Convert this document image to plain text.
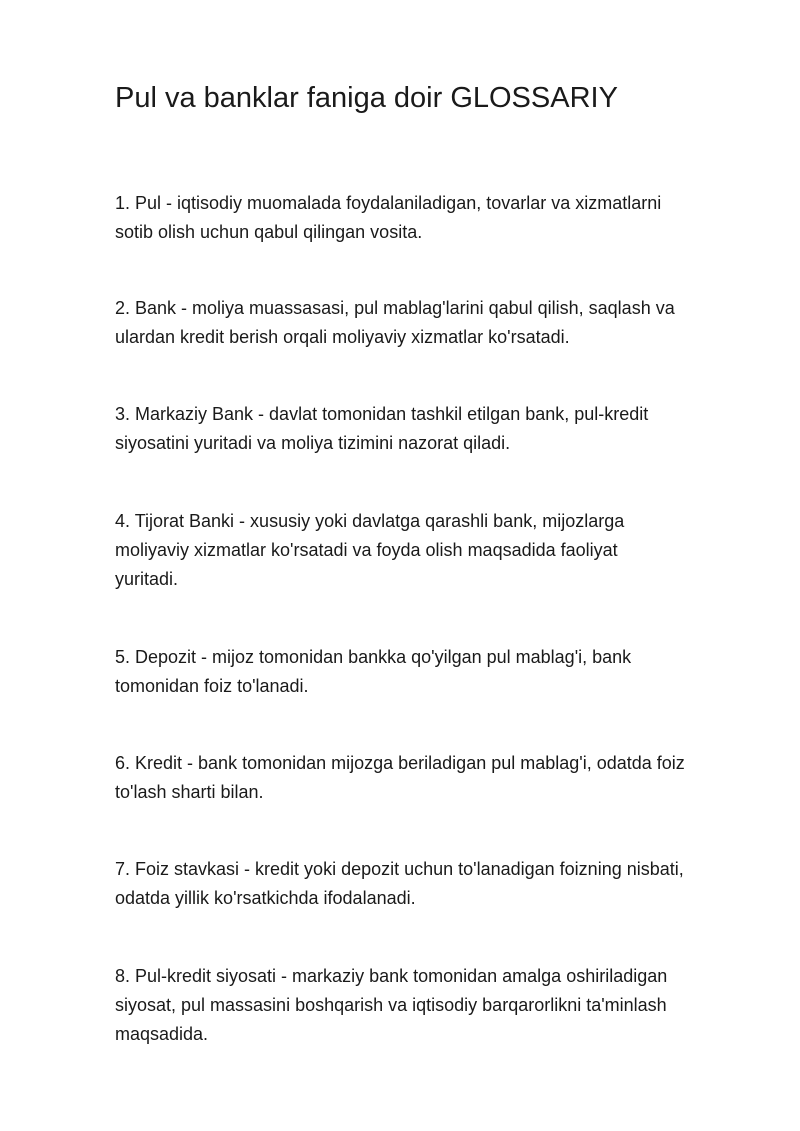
Pul va banklar faniga doir GLOSSARIY

1. Pul - iqtisodiy muomalada foydalaniladigan, tovarlar va xizmatlarni
sotib olish uchun qabul qilingan vosita.

2. Bank - moliya muassasasi, pul mablag'larini qabul qilish, saqlash va
ulardan kredit berish orqali moliyaviy xizmatlar ko'rsatadi.

3. Markaziy Bank - davlat tomonidan tashkil etilgan bank, pul-kredit
siyosatini yuritadi va moliya tizimini nazorat qiladi.

4. Tijorat Banki - xususiy yoki davlatga qarashli bank, mijozlarga
moliyaviy xizmatlar ko'rsatadi va foyda olish maqsadida faoliyat
yuritadi.

5. Depozit - mijoz tomonidan bankka qo'yilgan pul mablag'i, bank
tomonidan foiz to'lanadi.

6. Kredit - bank tomonidan mijozga beriladigan pul mablag'i, odatda foiz
to'lash sharti bilan.

7. Foiz stavkasi - kredit yoki depozit uchun to'lanadigan foizning nisbati,
odatda yillik ko'rsatkichda ifodalanadi.

8. Pul-kredit siyosati - markaziy bank tomonidan amalga oshiriladigan
siyosat, pul massasini boshqarish va iqtisodiy barqarorlikni ta'minlash
maqsadida.
